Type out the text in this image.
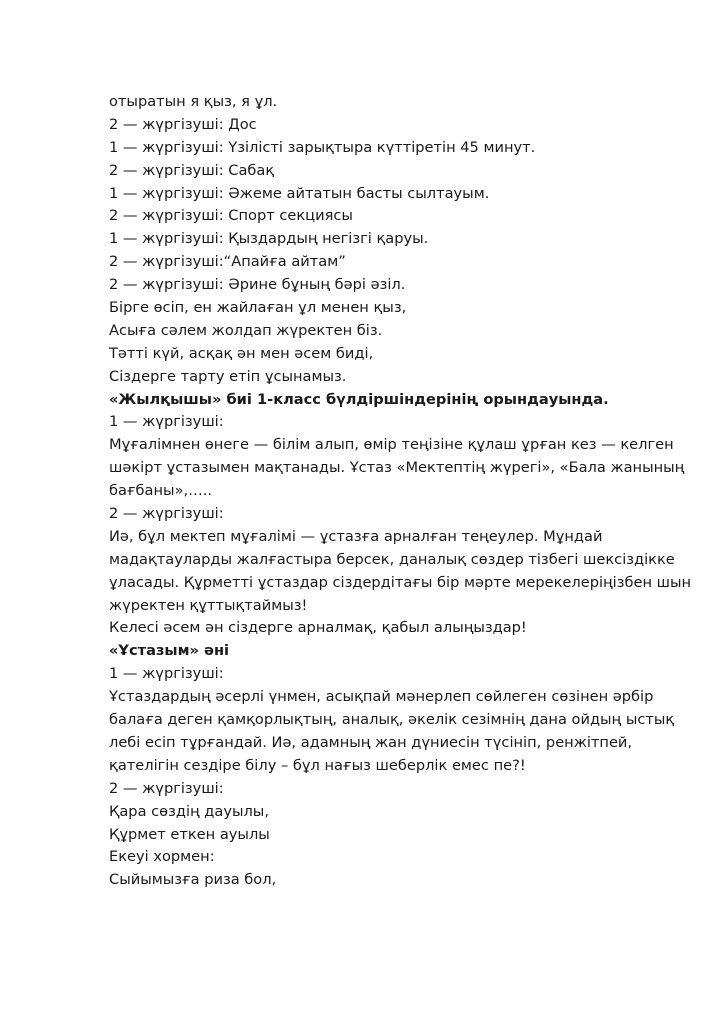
отыратын я қыз, я ұл.
2 — жүргізуші: Дос
1 — жүргізуші: Үзілісті зарықтыра күттіретін 45 минут.
2 — жүргізуші: Сабақ
1 — жүргізуші: Әжеме айтатын басты сылтауым.
2 — жүргізуші: Спорт секциясы
1 — жүргізуші: Қыздардың негізгі қаруы.
2 — жүргізуші:“Апайға айтам”
2 — жүргізуші: Әрине бұның бәрі әзіл.
Бірге өсіп, ен жайлаған ұл менен қыз,
Асыға сәлем жолдап жүректен біз.
Тәтті күй, асқақ ән мен әсем биді,
Сіздерге тарту етіп ұсынамыз.
«Жылқышы» биі 1-класс бүлдіршіндерінің орындауында.
1 — жүргізуші:
Мұғалімнен өнеге — білім алып, өмір теңізіне құлаш ұрған кез — келген
шәкірт ұстазымен мақтанады. Ұстаз «Мектептің жүрегі», «Бала жанының
бағбаны»,…..
2 — жүргізуші:
Иә, бұл мектеп мұғалімі — ұстазға арналған теңеулер. Мұндай
мадақтауларды жалғастыра берсек, даналық сөздер тізбегі шексіздікке
ұласады. Құрметті ұстаздар сіздердітағы бір мәрте мерекелеріңізбен шын
жүректен құттықтаймыз!
Келесі әсем ән сіздерге арналмақ, қабыл алыңыздар!
«Ұстазым» әні
1 — жүргізуші:
Ұстаздардың әсерлі үнмен, асықпай мәнерлеп сөйлеген сөзінен әрбір
балаға деген қамқорлықтың, аналық, әкелік сезімнің дана ойдың ыстық
лебі есіп тұрғандай. Иә, адамның жан дүниесін түсініп, ренжітпей,
қателігін сездіре білу – бұл нағыз шеберлік емес пе?!
2 — жүргізуші:
Қара сөздің дауылы,
Құрмет еткен ауылы
Екеуі хормен:
Сыйымызға риза бол,
